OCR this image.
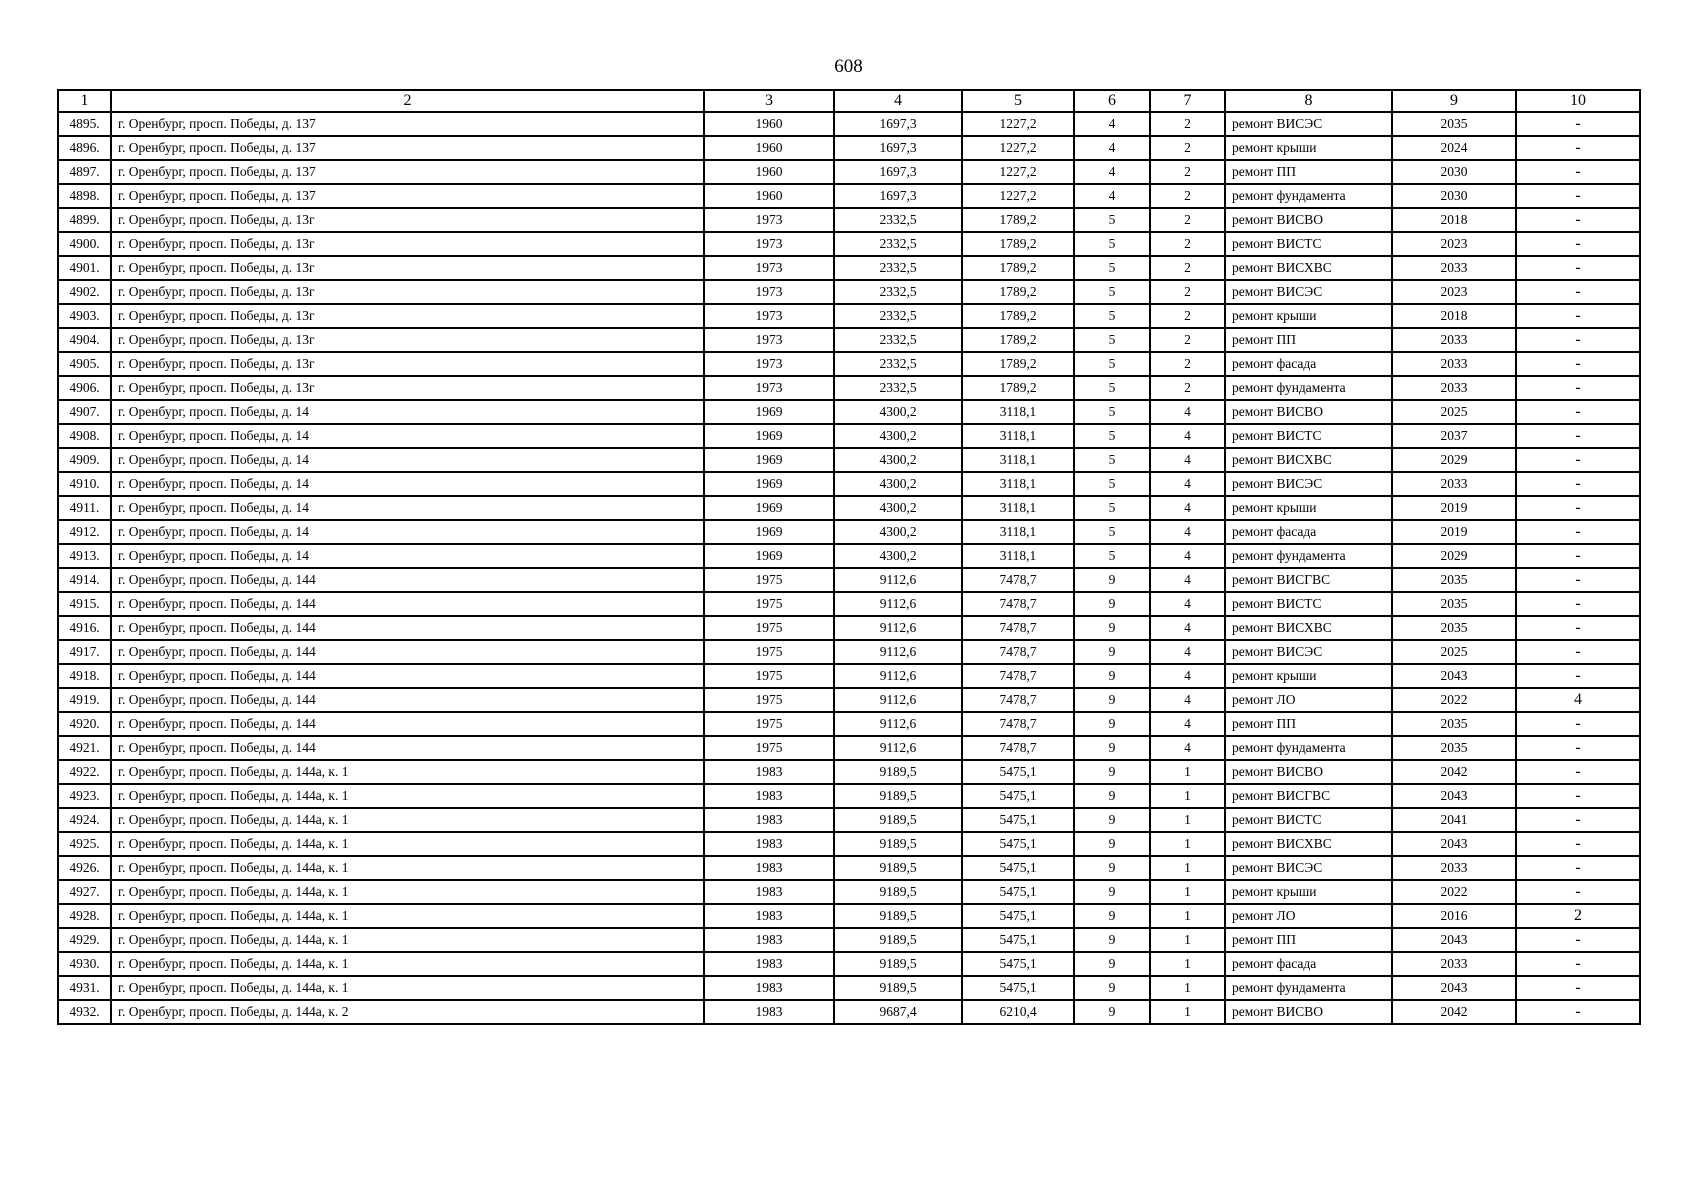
608
1	2	3	4	5	6	7	8	9	10
4895.	г. Оренбург, просп. Победы, д. 137	1960	1697,3	1227,2	4	2	ремонт ВИСЭС	2035	-
4896.	г. Оренбург, просп. Победы, д. 137	1960	1697,3	1227,2	4	2	ремонт крыши	2024	-
4897.	г. Оренбург, просп. Победы, д. 137	1960	1697,3	1227,2	4	2	ремонт ПП	2030	-
4898.	г. Оренбург, просп. Победы, д. 137	1960	1697,3	1227,2	4	2	ремонт фундамента	2030	-
4899.	г. Оренбург, просп. Победы, д. 13г	1973	2332,5	1789,2	5	2	ремонт ВИСВО	2018	-
4900.	г. Оренбург, просп. Победы, д. 13г	1973	2332,5	1789,2	5	2	ремонт ВИСТС	2023	-
4901.	г. Оренбург, просп. Победы, д. 13г	1973	2332,5	1789,2	5	2	ремонт ВИСХВС	2033	-
4902.	г. Оренбург, просп. Победы, д. 13г	1973	2332,5	1789,2	5	2	ремонт ВИСЭС	2023	-
4903.	г. Оренбург, просп. Победы, д. 13г	1973	2332,5	1789,2	5	2	ремонт крыши	2018	-
4904.	г. Оренбург, просп. Победы, д. 13г	1973	2332,5	1789,2	5	2	ремонт ПП	2033	-
4905.	г. Оренбург, просп. Победы, д. 13г	1973	2332,5	1789,2	5	2	ремонт фасада	2033	-
4906.	г. Оренбург, просп. Победы, д. 13г	1973	2332,5	1789,2	5	2	ремонт фундамента	2033	-
4907.	г. Оренбург, просп. Победы, д. 14	1969	4300,2	3118,1	5	4	ремонт ВИСВО	2025	-
4908.	г. Оренбург, просп. Победы, д. 14	1969	4300,2	3118,1	5	4	ремонт ВИСТС	2037	-
4909.	г. Оренбург, просп. Победы, д. 14	1969	4300,2	3118,1	5	4	ремонт ВИСХВС	2029	-
4910.	г. Оренбург, просп. Победы, д. 14	1969	4300,2	3118,1	5	4	ремонт ВИСЭС	2033	-
4911.	г. Оренбург, просп. Победы, д. 14	1969	4300,2	3118,1	5	4	ремонт крыши	2019	-
4912.	г. Оренбург, просп. Победы, д. 14	1969	4300,2	3118,1	5	4	ремонт фасада	2019	-
4913.	г. Оренбург, просп. Победы, д. 14	1969	4300,2	3118,1	5	4	ремонт фундамента	2029	-
4914.	г. Оренбург, просп. Победы, д. 144	1975	9112,6	7478,7	9	4	ремонт ВИСГВС	2035	-
4915.	г. Оренбург, просп. Победы, д. 144	1975	9112,6	7478,7	9	4	ремонт ВИСТС	2035	-
4916.	г. Оренбург, просп. Победы, д. 144	1975	9112,6	7478,7	9	4	ремонт ВИСХВС	2035	-
4917.	г. Оренбург, просп. Победы, д. 144	1975	9112,6	7478,7	9	4	ремонт ВИСЭС	2025	-
4918.	г. Оренбург, просп. Победы, д. 144	1975	9112,6	7478,7	9	4	ремонт крыши	2043	-
4919.	г. Оренбург, просп. Победы, д. 144	1975	9112,6	7478,7	9	4	ремонт ЛО	2022	4
4920.	г. Оренбург, просп. Победы, д. 144	1975	9112,6	7478,7	9	4	ремонт ПП	2035	-
4921.	г. Оренбург, просп. Победы, д. 144	1975	9112,6	7478,7	9	4	ремонт фундамента	2035	-
4922.	г. Оренбург, просп. Победы, д. 144а, к. 1	1983	9189,5	5475,1	9	1	ремонт ВИСВО	2042	-
4923.	г. Оренбург, просп. Победы, д. 144а, к. 1	1983	9189,5	5475,1	9	1	ремонт ВИСГВС	2043	-
4924.	г. Оренбург, просп. Победы, д. 144а, к. 1	1983	9189,5	5475,1	9	1	ремонт ВИСТС	2041	-
4925.	г. Оренбург, просп. Победы, д. 144а, к. 1	1983	9189,5	5475,1	9	1	ремонт ВИСХВС	2043	-
4926.	г. Оренбург, просп. Победы, д. 144а, к. 1	1983	9189,5	5475,1	9	1	ремонт ВИСЭС	2033	-
4927.	г. Оренбург, просп. Победы, д. 144а, к. 1	1983	9189,5	5475,1	9	1	ремонт крыши	2022	-
4928.	г. Оренбург, просп. Победы, д. 144а, к. 1	1983	9189,5	5475,1	9	1	ремонт ЛО	2016	2
4929.	г. Оренбург, просп. Победы, д. 144а, к. 1	1983	9189,5	5475,1	9	1	ремонт ПП	2043	-
4930.	г. Оренбург, просп. Победы, д. 144а, к. 1	1983	9189,5	5475,1	9	1	ремонт фасада	2033	-
4931.	г. Оренбург, просп. Победы, д. 144а, к. 1	1983	9189,5	5475,1	9	1	ремонт фундамента	2043	-
4932.	г. Оренбург, просп. Победы, д. 144а, к. 2	1983	9687,4	6210,4	9	1	ремонт ВИСВО	2042	-
